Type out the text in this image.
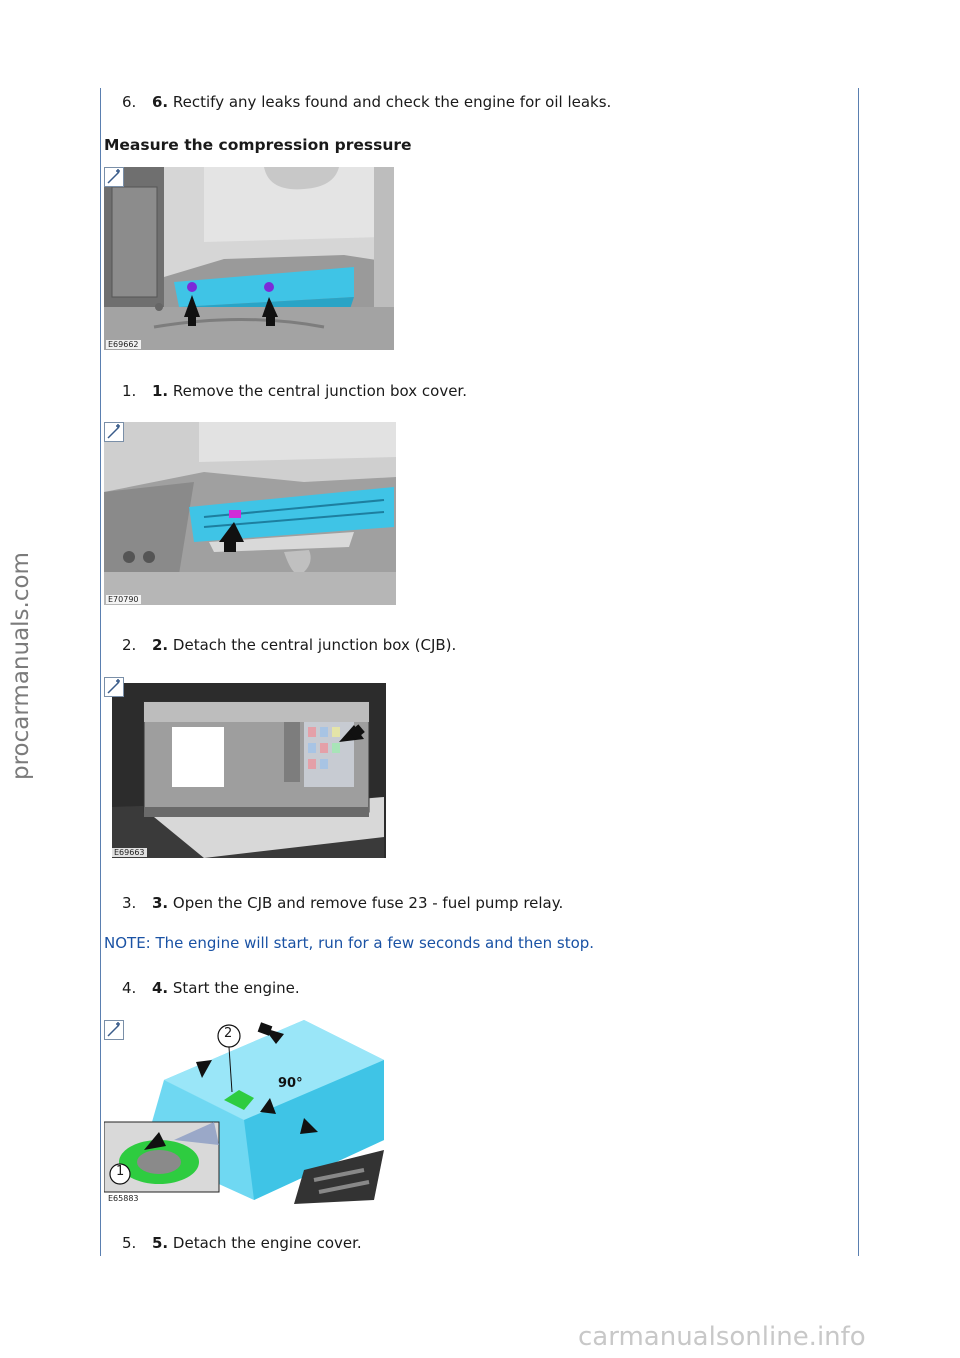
procarmanuals.com
6. 6. Rectify any leaks found and check the engine for oil leaks.
Measure the compression pressure
E69662
1. 1. Remove the central junction box cover.
E70790
2. 2. Detach the central junction box (CJB).
E69663
3. 3. Open the CJB and remove fuse 23 - fuel pump relay.
NOTE: The engine will start, run for a few seconds and then stop.
4. 4. Start the engine.
2
1
90°
E65883
5. 5. Detach the engine cover.
carmanualsonline.info
